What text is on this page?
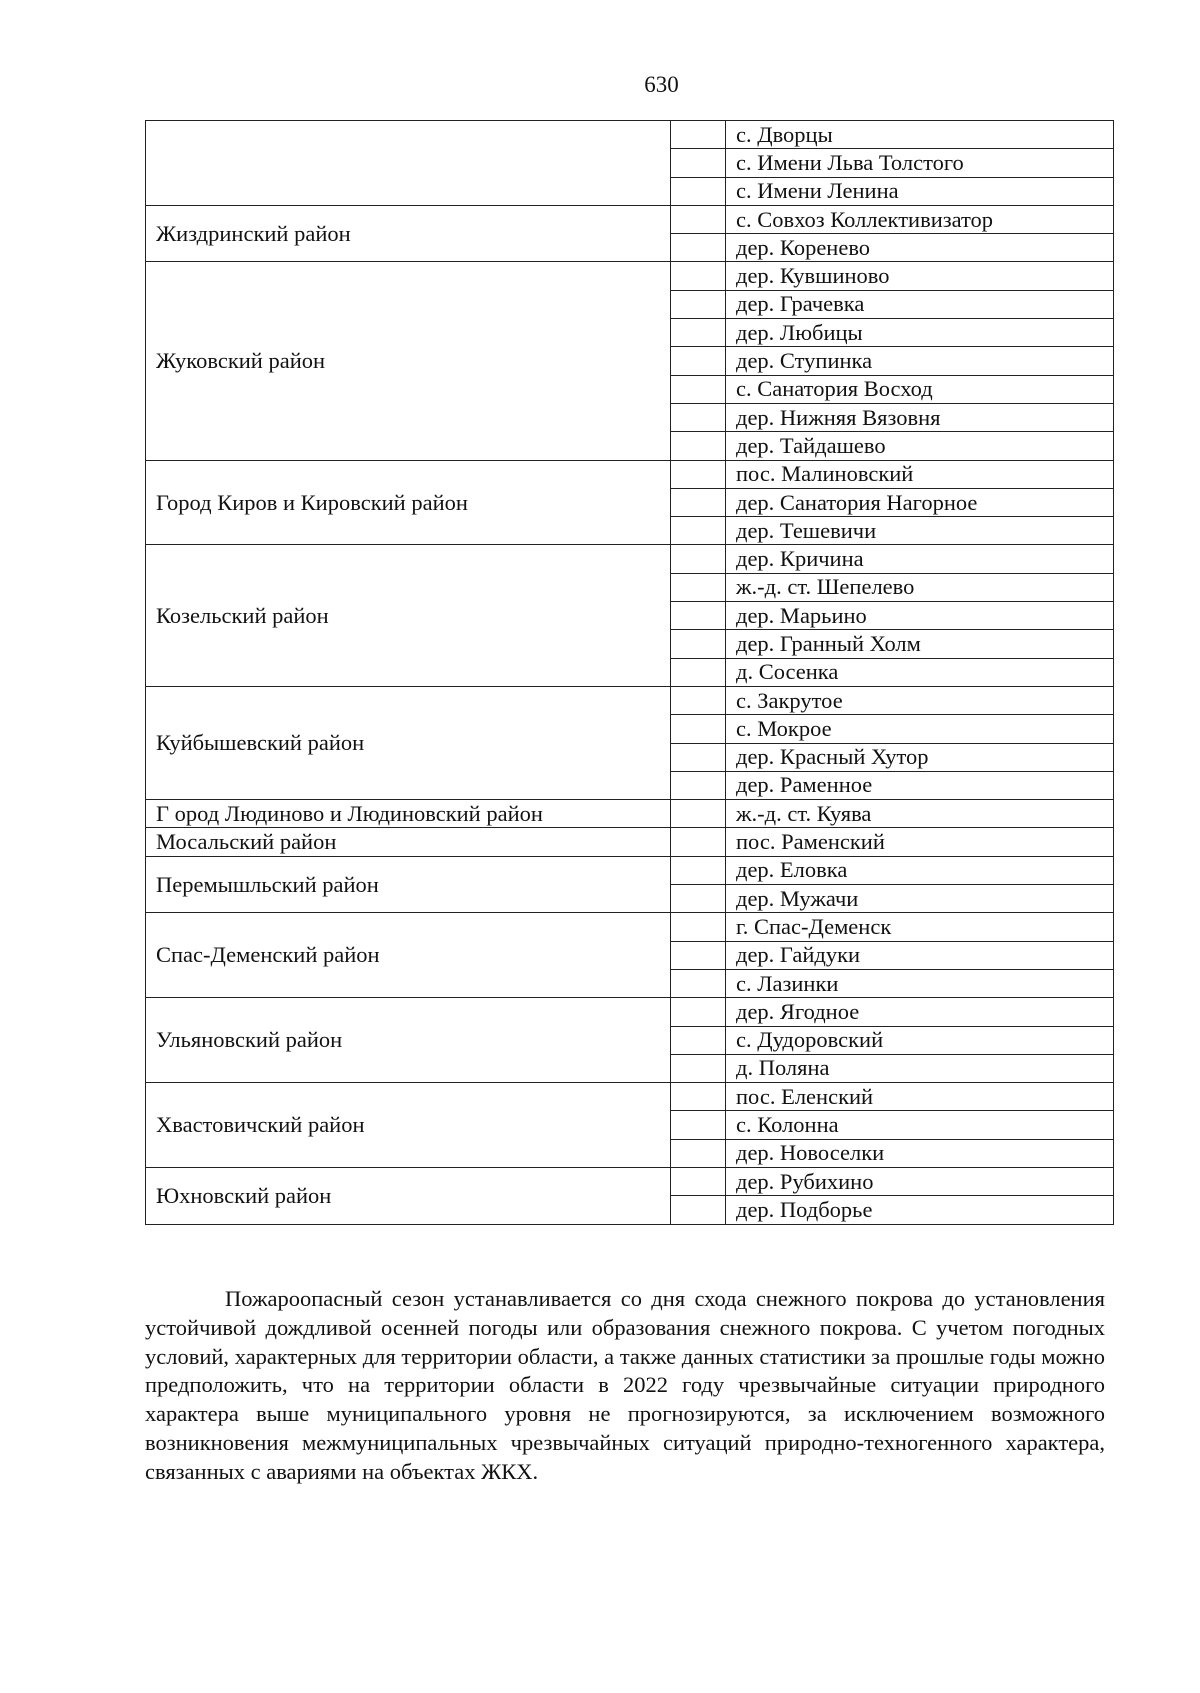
630
		с. Дворцы
		с. Имени Льва Толстого
		с. Имени Ленина
Жиздринский район		с. Совхоз Коллективизатор
		дер. Коренево
Жуковский район		дер. Кувшиново
		дер. Грачевка
		дер. Любицы
		дер. Ступинка
		с. Санатория Восход
		дер. Нижняя Вязовня
		дер. Тайдашево
Город Киров и Кировский район		пос. Малиновский
		дер. Санатория Нагорное
		дер. Тешевичи
Козельский район		дер. Кричина
		ж.-д. ст. Шепелево
		дер. Марьино
		дер. Гранный Холм
		д. Сосенка
Куйбышевский район		с. Закрутое
		с. Мокрое
		дер. Красный Хутор
		дер. Раменное
Г ород Людиново и Людиновский район		ж.-д. ст. Куява
Мосальский район		пос. Раменский
Перемышльский район		дер. Еловка
		дер. Мужачи
Спас-Деменский район		г. Спас-Деменск
		дер. Гайдуки
		с. Лазинки
Ульяновский район		дер. Ягодное
		с. Дудоровский
		д. Поляна
Хвастовичский район		пос. Еленский
		с. Колонна
		дер. Новоселки
Юхновский район		дер. Рубихино
		дер. Подборье

Пожароопасный сезон устанавливается со дня схода снежного покрова до установления устойчивой дождливой осенней погоды или образования снежного покрова. С учетом погодных условий, характерных для территории области, а также данных статистики за прошлые годы можно предположить, что на территории области в 2022 году чрезвычайные ситуации природного характера выше муниципального уровня не прогнозируются, за исключением возможного возникновения межмуниципальных чрезвычайных ситуаций природно-техногенного характера, связанных с авариями на объектах ЖКХ.
